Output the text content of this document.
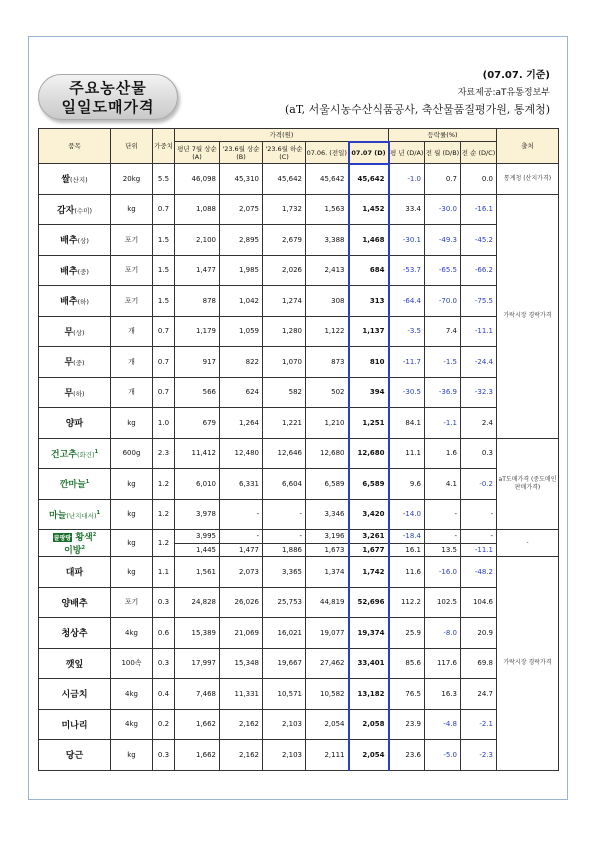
주요농산물
일일도매가격
(07.07. 기준)
자료제공:aT유통정보부
(aT, 서울시농수산식품공사, 축산물품질평가원, 통계청)
품목	단위	가중치	가격(원)					등락률(%)			출처
			평년 7월 상순(A)	'23.6월 상순(B)	'23.6월 하순(C)	07.06. (전일)	07.07 (D)	평 년 (D/A)	전 월 (D/B)	전 순 (D/C)	
쌀(산지)	20kg	5.5	46,098	45,310	45,642	45,642	45,642	-1.0	0.7	0.0	통계청 (산지가격)
감자(수미)	kg	0.7	1,088	2,075	1,732	1,563	1,452	33.4	-30.0	-16.1	가락시장 경락가격
배추(상)	포기	1.5	2,100	2,895	2,679	3,388	1,468	-30.1	-49.3	-45.2	
배추(중)	포기	1.5	1,477	1,985	2,026	2,413	684	-53.7	-65.5	-66.2	
배추(하)	포기	1.5	878	1,042	1,274	308	313	-64.4	-70.0	-75.5	
무(상)	개	0.7	1,179	1,059	1,280	1,122	1,137	-3.5	7.4	-11.1	
무(중)	개	0.7	917	822	1,070	873	810	-11.7	-1.5	-24.4	
무(하)	개	0.7	566	624	582	502	394	-30.5	-36.9	-32.3	
양파	kg	1.0	679	1,264	1,221	1,210	1,251	84.1	-1.1	2.4	
건고추(화건)$^1$	600g	2.3	11,412	12,480	12,646	12,680	12,680	11.1	1.6	0.3	aT도매가격 (중도매인판매가격)
깐마늘$^1$	kg	1.2	6,010	6,331	6,604	6,589	6,589	9.6	4.1	-0.2	
마늘(난지대서)$^1$	kg	1.2	3,978	-	-	3,346	3,420	-14.0	-	-	
꿀팡팡 황색$^2$
이방$^2$	kg	1.2	3,995	-	-	3,196	3,261	-18.4	-	-	-
			1,445	1,477	1,886	1,673	1,677	16.1	13.5	-11.1	
대파	kg	1.1	1,561	2,073	3,365	1,374	1,742	11.6	-16.0	-48.2	가락시장 경락가격
양배추	포기	0.3	24,828	26,026	25,753	44,819	52,696	112.2	102.5	104.6	
청상추	4kg	0.6	15,389	21,069	16,021	19,077	19,374	25.9	-8.0	20.9	
깻잎	100속	0.3	17,997	15,348	19,667	27,462	33,401	85.6	117.6	69.8	
시금치	4kg	0.4	7,468	11,331	10,571	10,582	13,182	76.5	16.3	24.7	
미나리	4kg	0.2	1,662	2,162	2,103	2,054	2,058	23.9	-4.8	-2.1	
당근	kg	0.3	1,662	2,162	2,103	2,111	2,054	23.6	-5.0	-2.3	
